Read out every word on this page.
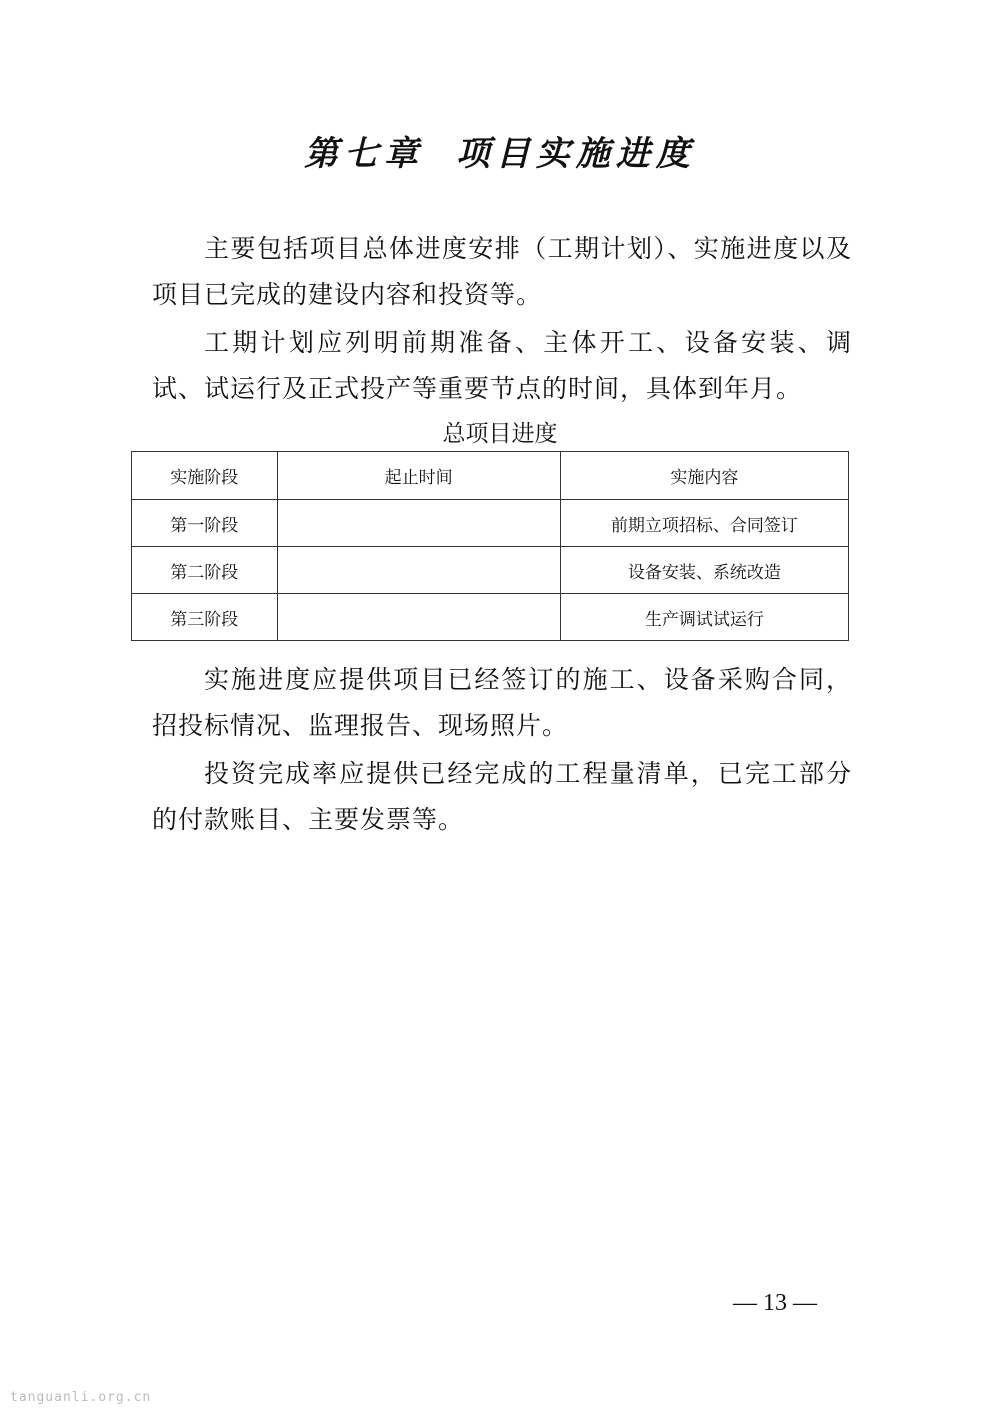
第七章 项目实施进度

主要包括项目总体进度安排（工期计划）、实施进度以及项目已完成的建设内容和投资等。

工期计划应列明前期准备、主体开工、设备安装、调试、试运行及正式投产等重要节点的时间，具体到年月。

总项目进度
实施阶段	起止时间	实施内容
第一阶段		前期立项招标、合同签订
第二阶段		设备安装、系统改造
第三阶段		生产调试试运行

实施进度应提供项目已经签订的施工、设备采购合同，招投标情况、监理报告、现场照片。

投资完成率应提供已经完成的工程量清单，已完工部分的付款账目、主要发票等。

— 13 —
tanguanli.org.cn
